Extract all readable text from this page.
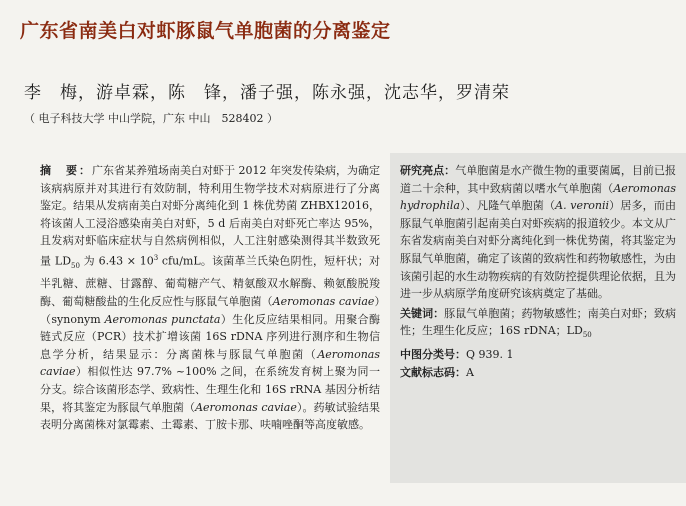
广东省南美白对虾豚鼠气单胞菌的分离鉴定
李　梅，游卓霖，陈　锋，潘子强，陈永强，沈志华，罗清荣
（ 电子科技大学 中山学院，广东 中山　528402 ）

摘　要：广东省某养殖场南美白对虾于 2012 年突发传染病，为确定该病病原并对其进行有效防制，特利用生物学技术对病原进行了分离鉴定。结果从发病南美白对虾分离纯化到 1 株优势菌 ZHBX12016，将该菌人工浸浴感染南美白对虾，5 d 后南美白对虾死亡率达 95%，且发病对虾临床症状与自然病例相似，人工注射感染测得其半数致死量 $LD_{50}$ 为 $6.43 \times 10^3$ cfu/mL。该菌革兰氏染色阴性，短杆状；对半乳糖、蔗糖、甘露醇、葡萄糖产气、精氨酸双水解酶、赖氨酸脱羧酶、葡萄糖酸盐的生化反应性与豚鼠气单胞菌（Aeromonas caviae）（synonym Aeromonas punctata）生化反应结果相同。用聚合酶链式反应（PCR）技术扩增该菌 16S rDNA 序列进行测序和生物信息学分析，结果显示：分离菌株与豚鼠气单胞菌（Aeromonas caviae）相似性达 97.7% ~100% 之间，在系统发育树上聚为同一分支。综合该菌形态学、致病性、生理生化和 16S rRNA 基因分析结果，将其鉴定为豚鼠气单胞菌（Aeromonas caviae）。药敏试验结果表明分离菌株对氯霉素、土霉素、丁胺卡那、呋喃唑酮等高度敏感。

研究亮点：气单胞菌是水产微生物的重要菌属，目前已报道二十余种，其中致病菌以嗜水气单胞菌（Aeromonas hydrophila）、凡隆气单胞菌（A. veronii）居多，而由豚鼠气单胞菌引起南美白对虾疾病的报道较少。本文从广东省发病南美白对虾分离纯化到一株优势菌，将其鉴定为豚鼠气单胞菌，确定了该菌的致病性和药物敏感性，为由该菌引起的水生动物疾病的有效防控提供理论依据，且为进一步从病原学角度研究该病奠定了基础。

关键词：豚鼠气单胞菌；药物敏感性；南美白对虾；致病性；生理生化反应；16S rDNA；$LD_{50}$

中图分类号：Q 939. 1

文献标志码：A
